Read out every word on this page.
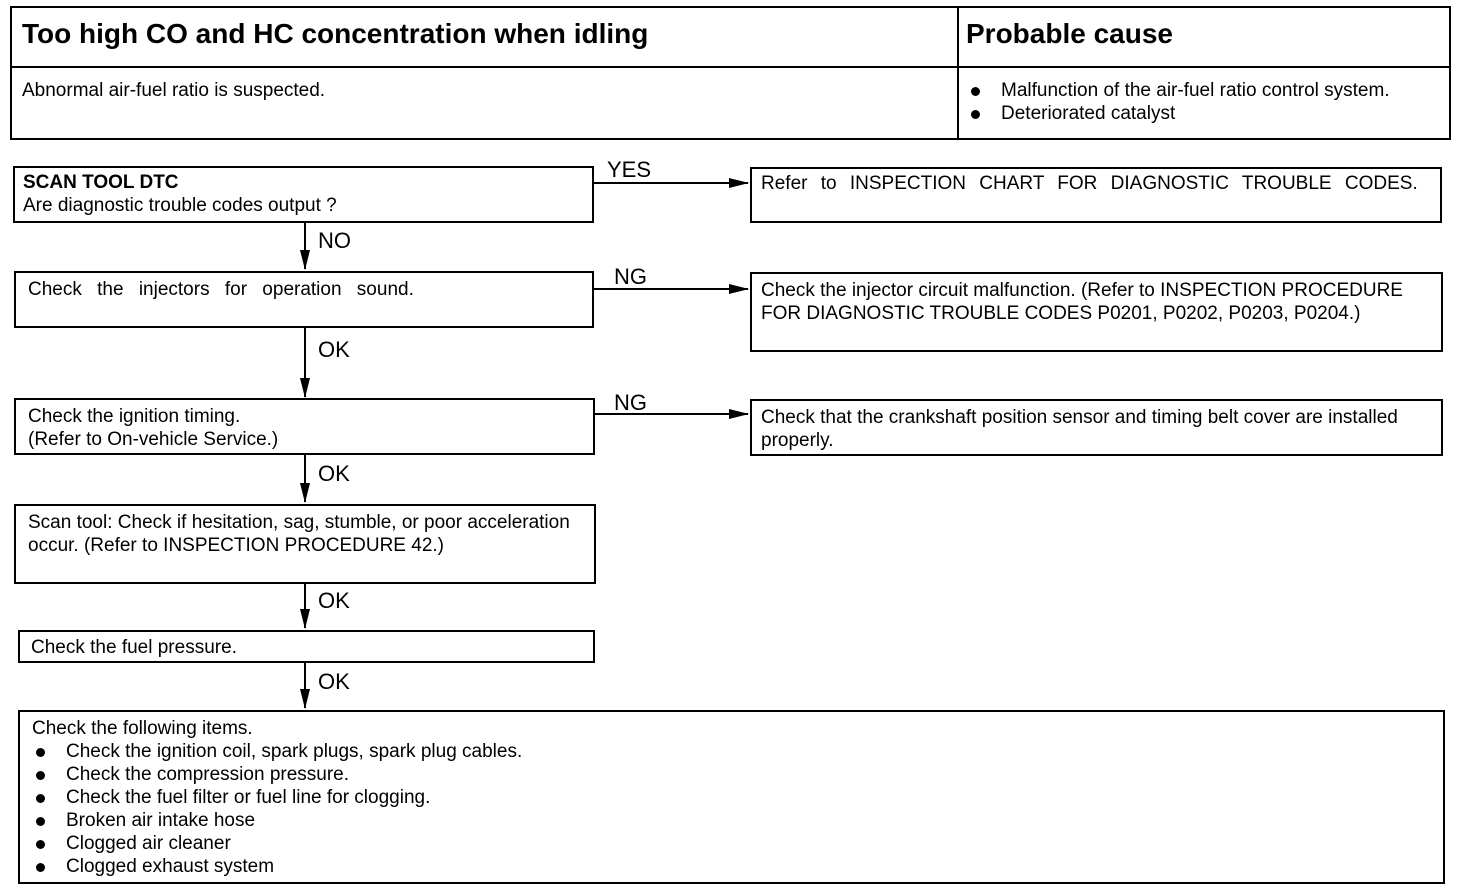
Too high CO and HC concentration when idling	Probable cause
Abnormal air-fuel ratio is suspected.	Malfunction of the air-fuel ratio control system.
Deteriorated catalyst
YES
NO
NG
OK
NG
OK
OK
OK
SCAN TOOL DTC
Are diagnostic trouble codes output ?
Check the injectors for operation sound.
Check the ignition timing.
(Refer to On-vehicle Service.)
Scan tool: Check if hesitation, sag, stumble, or poor acceleration occur. (Refer to INSPECTION PROCEDURE 42.)
Check the fuel pressure.
Check the following items.
Check the ignition coil, spark plugs, spark plug cables.
Check the compression pressure.
Check the fuel filter or fuel line for clogging.
Broken air intake hose
Clogged air cleaner
Clogged exhaust system
Refer to INSPECTION CHART FOR DIAGNOSTIC TROUBLE CODES.
Check the injector circuit malfunction. (Refer to INSPECTION PROCEDURE FOR DIAGNOSTIC TROUBLE CODES P0201, P0202, P0203, P0204.)
Check that the crankshaft position sensor and timing belt cover are installed properly.
